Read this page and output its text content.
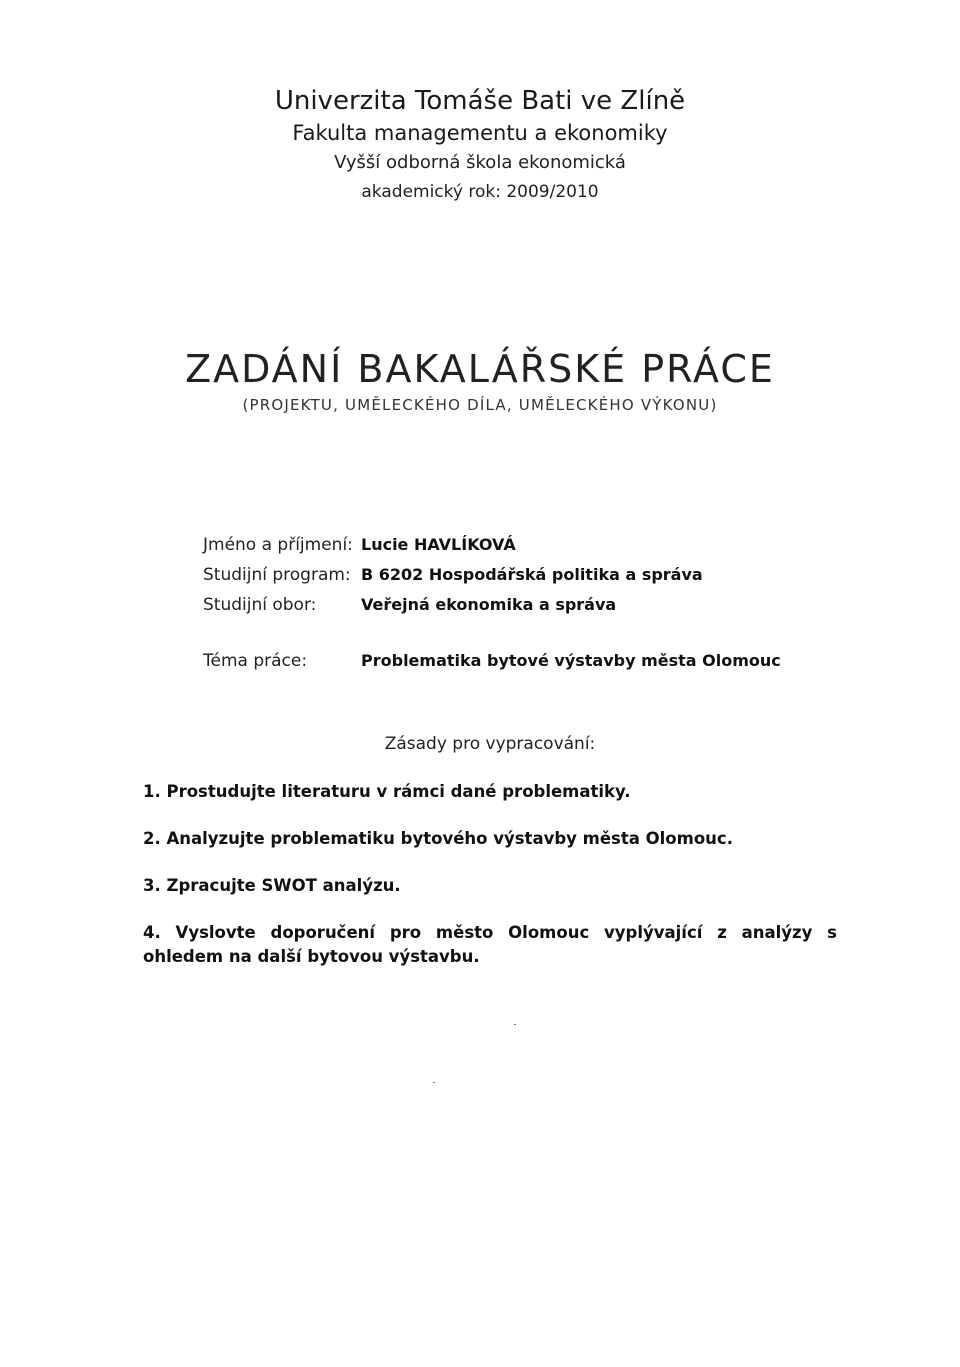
Univerzita Tomáše Bati ve Zlíně
Fakulta managementu a ekonomiky
Vyšší odborná škola ekonomická
akademický rok: 2009/2010
ZADÁNÍ BAKALÁŘSKÉ PRÁCE
(PROJEKTU, UMĚLECKÉHO DÍLA, UMĚLECKÉHO VÝKONU)
Jméno a příjmení: Lucie HAVLÍKOVÁ
Studijní program: B 6202 Hospodářská politika a správa
Studijní obor:	Veřejná ekonomika a správa
Téma práce:	Problematika bytové výstavby města Olomouc
Zásady pro vypracování:
1. Prostudujte literaturu v rámci dané problematiky.
2. Analyzujte problematiku bytového výstavby města Olomouc.
3. Zpracujte SWOT analýzu.
4. Vyslovte doporučení pro město Olomouc vyplývající z analýzy s ohledem na další bytovou výstavbu.
